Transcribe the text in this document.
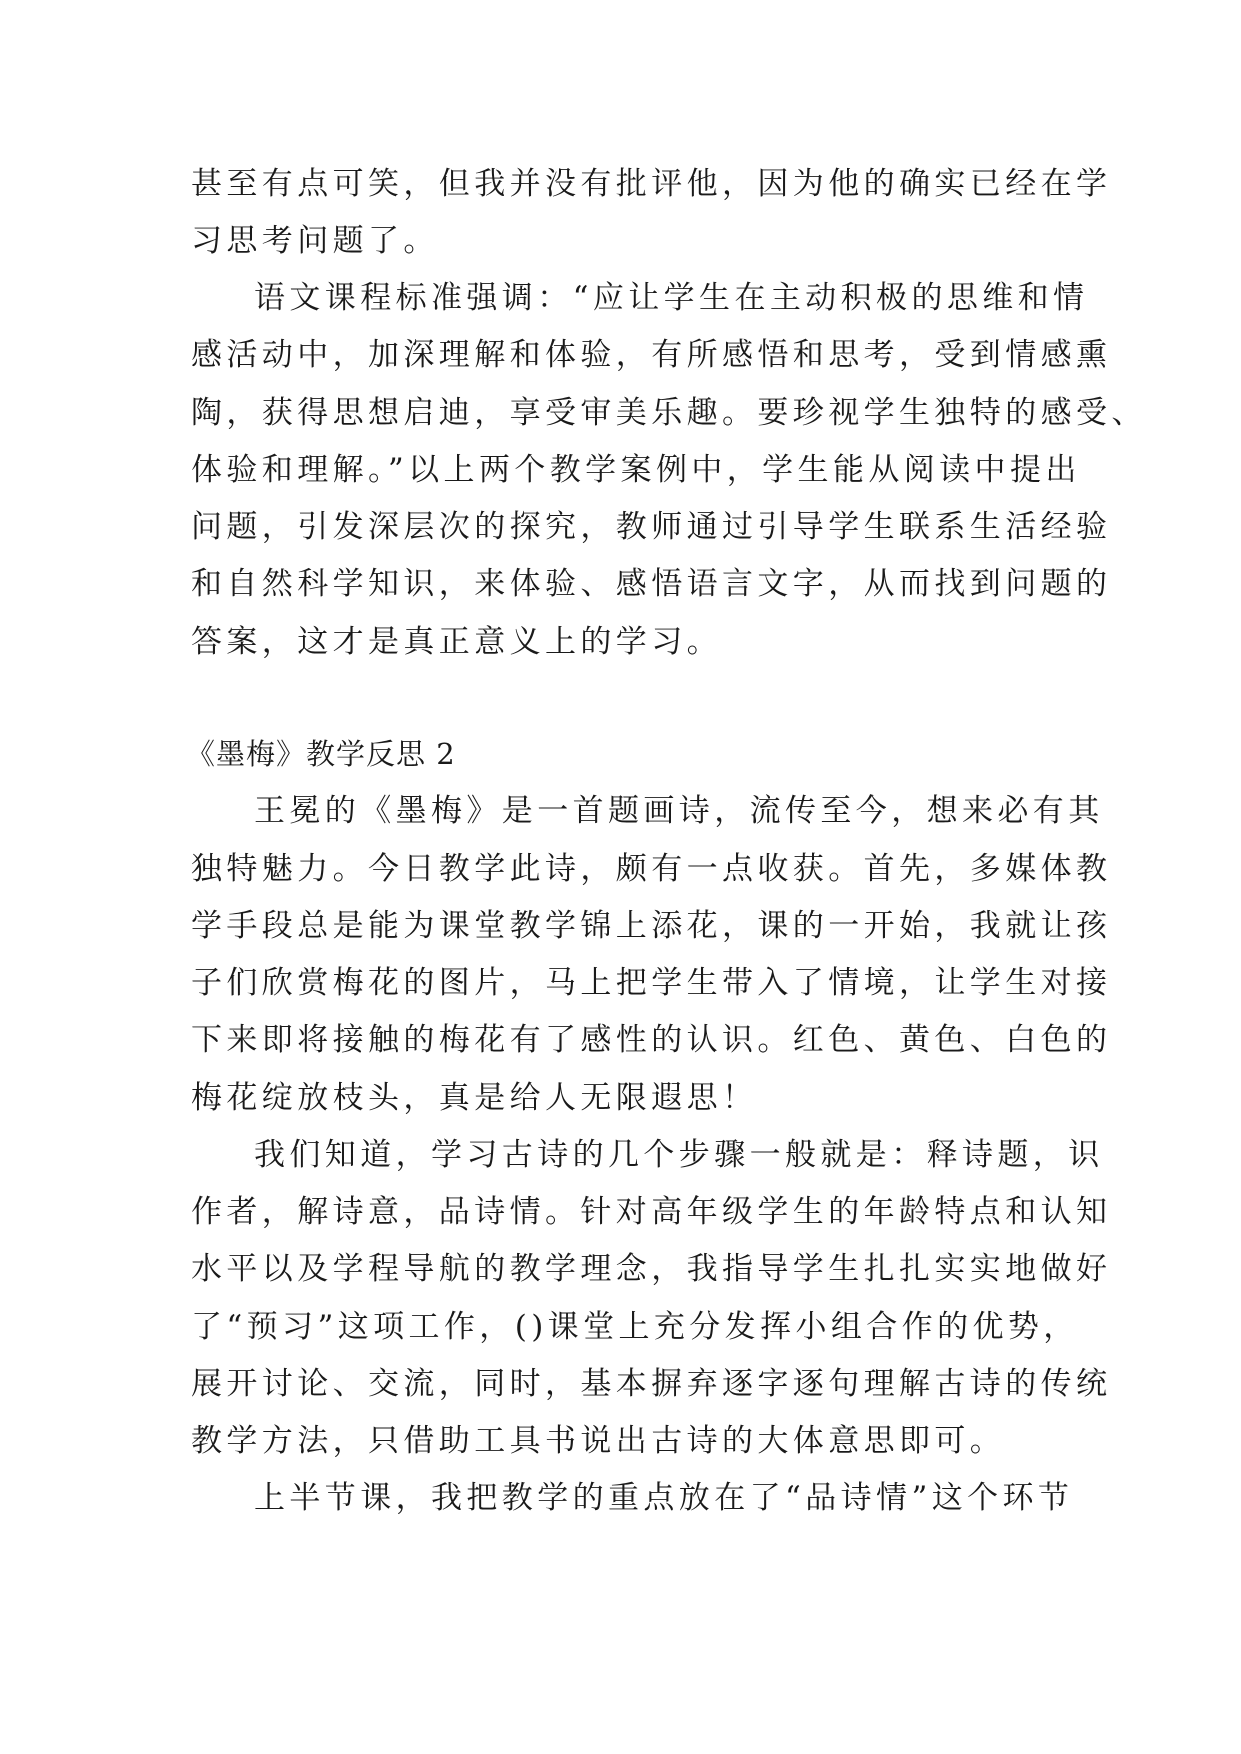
甚至有点可笑，但我并没有批评他，因为他的确实已经在学
习思考问题了。
语文课程标准强调：“应让学生在主动积极的思维和情
感活动中，加深理解和体验，有所感悟和思考，受到情感熏
陶，获得思想启迪，享受审美乐趣。要珍视学生独特的感受、
体验和理解。”以上两个教学案例中，学生能从阅读中提出
问题，引发深层次的探究，教师通过引导学生联系生活经验
和自然科学知识，来体验、感悟语言文字，从而找到问题的
答案，这才是真正意义上的学习。
《墨梅》教学反思 2
王冕的《墨梅》是一首题画诗，流传至今，想来必有其
独特魅力。今日教学此诗，颇有一点收获。首先，多媒体教
学手段总是能为课堂教学锦上添花，课的一开始，我就让孩
子们欣赏梅花的图片，马上把学生带入了情境，让学生对接
下来即将接触的梅花有了感性的认识。红色、黄色、白色的
梅花绽放枝头，真是给人无限遐思！
我们知道，学习古诗的几个步骤一般就是：释诗题，识
作者，解诗意，品诗情。针对高年级学生的年龄特点和认知
水平以及学程导航的教学理念，我指导学生扎扎实实地做好
了“预习”这项工作，()课堂上充分发挥小组合作的优势，
展开讨论、交流，同时，基本摒弃逐字逐句理解古诗的传统
教学方法，只借助工具书说出古诗的大体意思即可。
上半节课，我把教学的重点放在了“品诗情”这个环节
